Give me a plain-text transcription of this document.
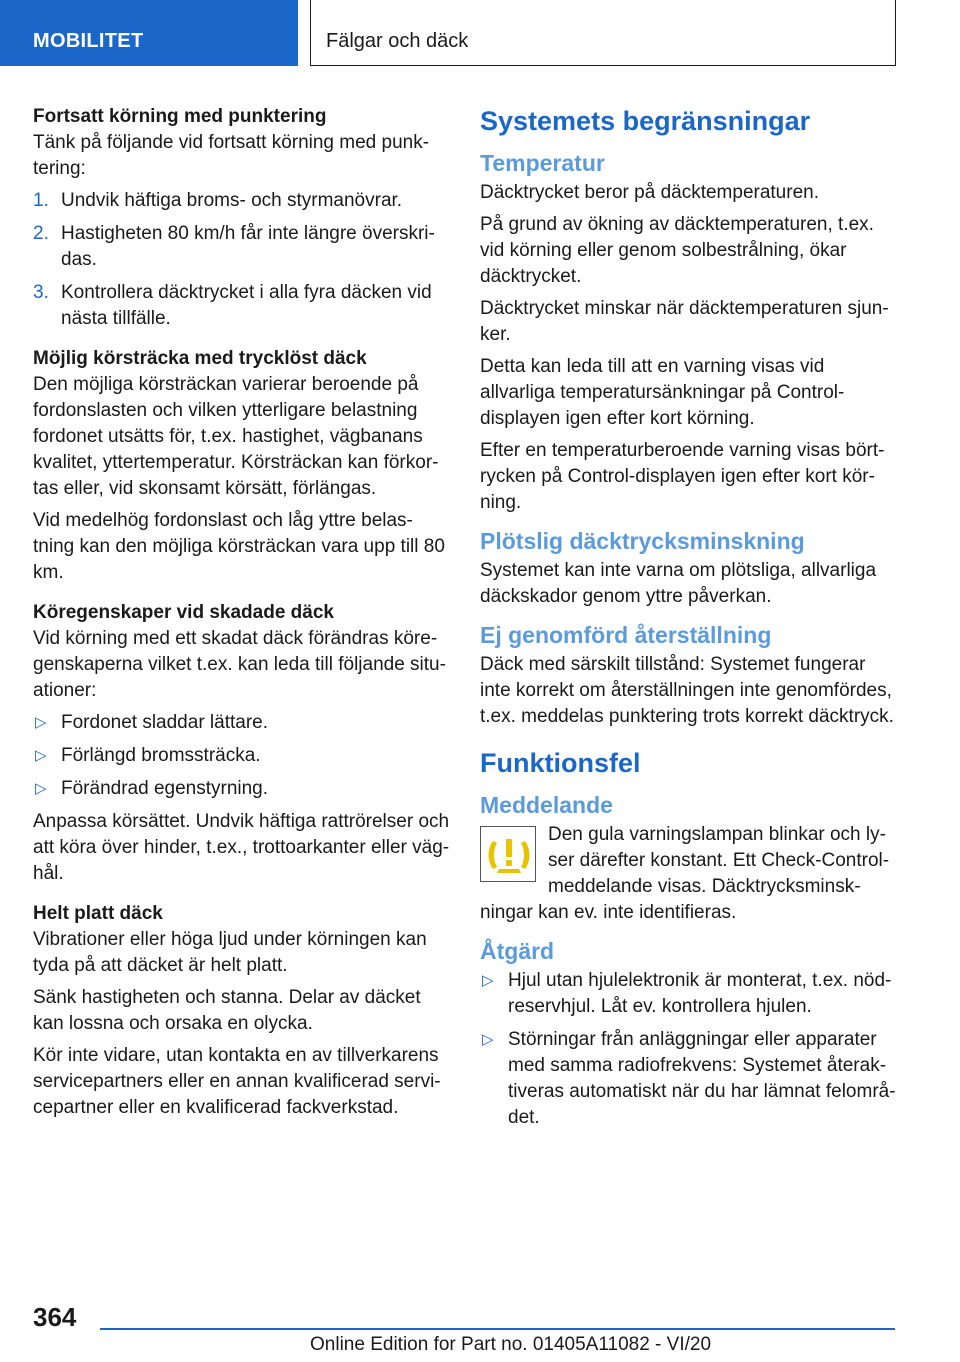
MOBILITET	Fälgar och däck
Fortsatt körning med punktering

Tänk på följande vid fortsatt körning med punk-tering:

1. Undvik häftiga broms- och styrmanövrar.
2. Hastigheten 80 km/h får inte längre överskri-das.
3. Kontrollera däcktrycket i alla fyra däcken vid nästa tillfälle.
Möjlig körsträcka med trycklöst däck

Den möjliga körsträckan varierar beroende på fordonslasten och vilken ytterligare belastning fordonet utsätts för, t.ex. hastighet, vägbanans kvalitet, yttertemperatur. Körsträckan kan förkor-tas eller, vid skonsamt körsätt, förlängas.

Vid medelhög fordonslast och låg yttre belas-tning kan den möjliga körsträckan vara upp till 80 km.

Köregenskaper vid skadade däck

Vid körning med ett skadat däck förändras köre-genskaperna vilket t.ex. kan leda till följande situ-ationer:

▷ Fordonet sladdar lättare.
▷ Förlängd bromssträcka.
▷ Förändrad egenstyrning.

Anpassa körsättet. Undvik häftiga rattrörelser och att köra över hinder, t.ex., trottoarkanter eller väg-hål.

Helt platt däck

Vibrationer eller höga ljud under körningen kan tyda på att däcket är helt platt.

Sänk hastigheten och stanna. Delar av däcket kan lossna och orsaka en olycka.

Kör inte vidare, utan kontakta en av tillverkarens servicepartners eller en annan kvalificerad servi-cepartner eller en kvalificerad fackverkstad.

Systemets begränsningar
Temperatur

Däcktrycket beror på däcktemperaturen.

På grund av ökning av däcktemperaturen, t.ex. vid körning eller genom solbestrålning, ökar däcktrycket.

Däcktrycket minskar när däcktemperaturen sjun-ker.

Detta kan leda till att en varning visas vid allvarliga temperatursänkningar på Control-displayen igen efter kort körning.

Efter en temperaturberoende varning visas bört-rycken på Control-displayen igen efter kort kör-ning.

Plötslig däcktrycksminskning

Systemet kan inte varna om plötsliga, allvarliga däckskador genom yttre påverkan.

Ej genomförd återställning

Däck med särskilt tillstånd: Systemet fungerar inte korrekt om återställningen inte genomfördes, t.ex. meddelas punktering trots korrekt däcktryck.

Funktionsfel
Meddelande

Den gula varningslampan blinkar och ly-ser därefter konstant. Ett Check-Control-meddelande visas. Däcktrycksminsk-ningar kan ev. inte identifieras.

Åtgärd
▷ Hjul utan hjulelektronik är monterat, t.ex. nöd-reservhjul. Låt ev. kontrollera hjulen.
▷ Störningar från anläggningar eller apparater med samma radiofrekvens: Systemet återak-tiveras automatiskt när du har lämnat felområ-det.
364
Online Edition for Part no. 01405A11082 - VI/20
